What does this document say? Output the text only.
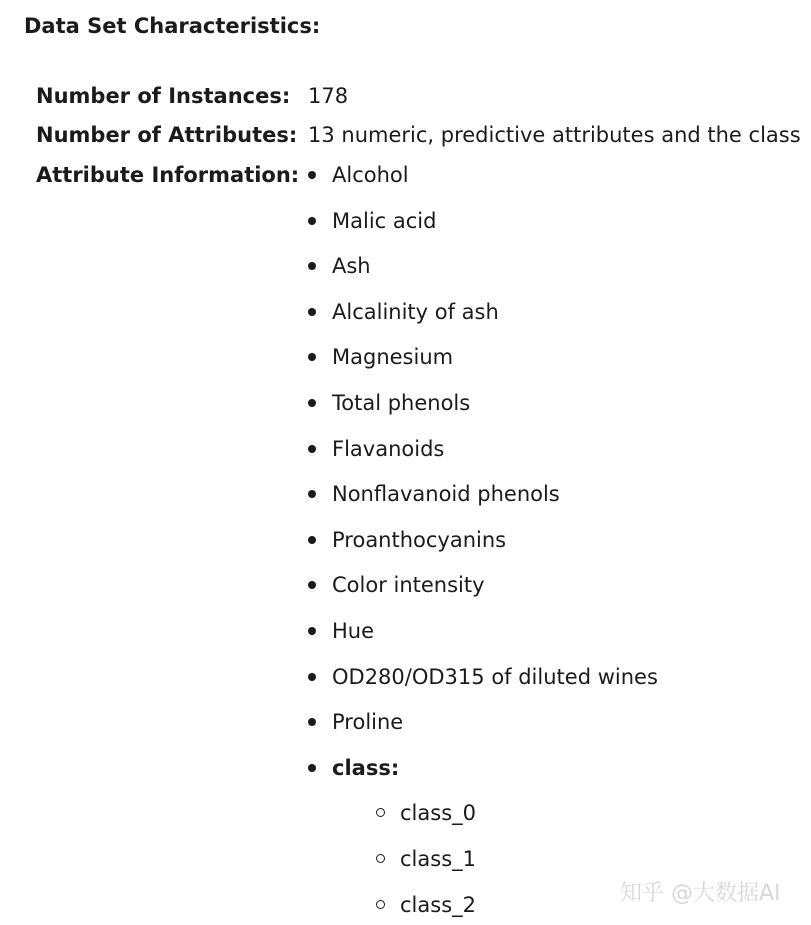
Data Set Characteristics:
Number of Instances: 178
Number of Attributes: 13 numeric, predictive attributes and the class
Attribute Information: Alcohol
Malic acid
Ash
Alcalinity of ash
Magnesium
Total phenols
Flavanoids
Nonflavanoid phenols
Proanthocyanins
Color intensity
Hue
OD280/OD315 of diluted wines
Proline
class:
class_0
class_1
class_2	知乎 @大数据AI
